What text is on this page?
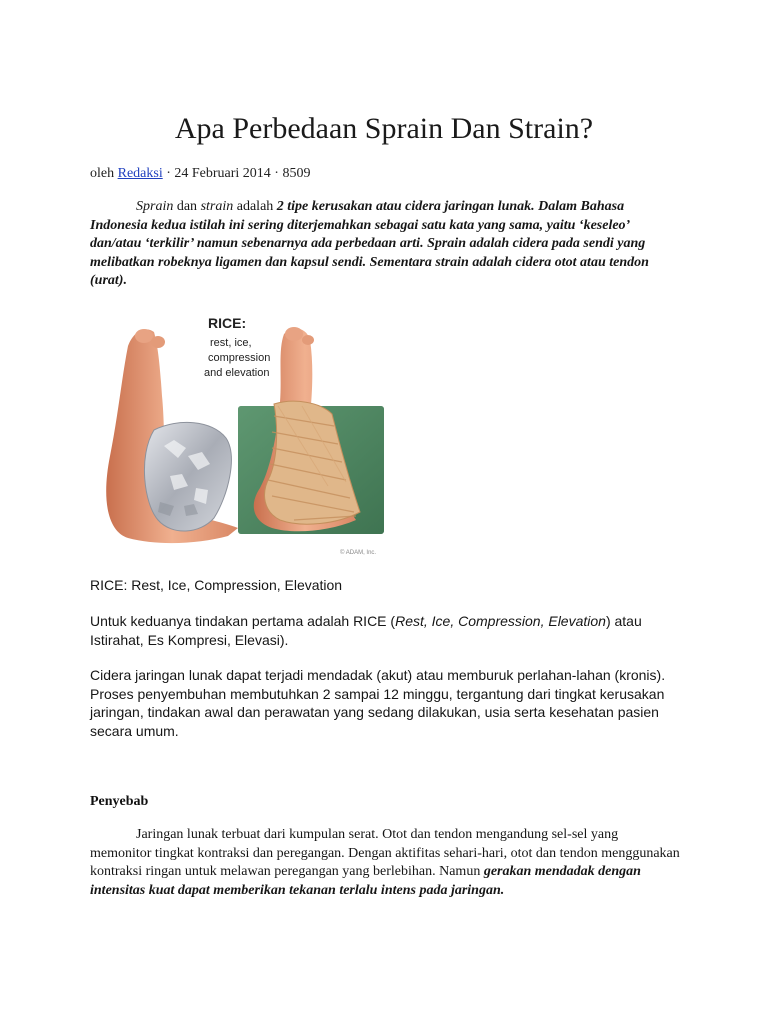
Apa Perbedaan Sprain Dan Strain?
oleh Redaksi · 24 Februari 2014 · 8509
Sprain dan strain adalah 2 tipe kerusakan atau cidera jaringan lunak. Dalam Bahasa Indonesia kedua istilah ini sering diterjemahkan sebagai satu kata yang sama, yaitu ‘keseleo’ dan/atau ‘terkilir’ namun sebenarnya ada perbedaan arti. Sprain adalah cidera pada sendi yang melibatkan robeknya ligamen dan kapsul sendi. Sementara strain adalah cidera otot atau tendon (urat).
RICE:
rest, ice,
compression
and elevation
© ADAM, Inc.
RICE: Rest, Ice, Compression, Elevation
Untuk keduanya tindakan pertama adalah RICE (Rest, Ice, Compression, Elevation) atau Istirahat, Es Kompresi, Elevasi).
Cidera jaringan lunak dapat terjadi mendadak (akut) atau memburuk perlahan-lahan (kronis). Proses penyembuhan membutuhkan 2 sampai 12 minggu, tergantung dari tingkat kerusakan jaringan, tindakan awal dan perawatan yang sedang dilakukan, usia serta kesehatan pasien secara umum.
Penyebab
Jaringan lunak terbuat dari kumpulan serat. Otot dan tendon mengandung sel-sel yang memonitor tingkat kontraksi dan peregangan. Dengan aktifitas sehari-hari, otot dan tendon menggunakan kontraksi ringan untuk melawan peregangan yang berlebihan. Namun gerakan mendadak dengan intensitas kuat dapat memberikan tekanan terlalu intens pada jaringan.
